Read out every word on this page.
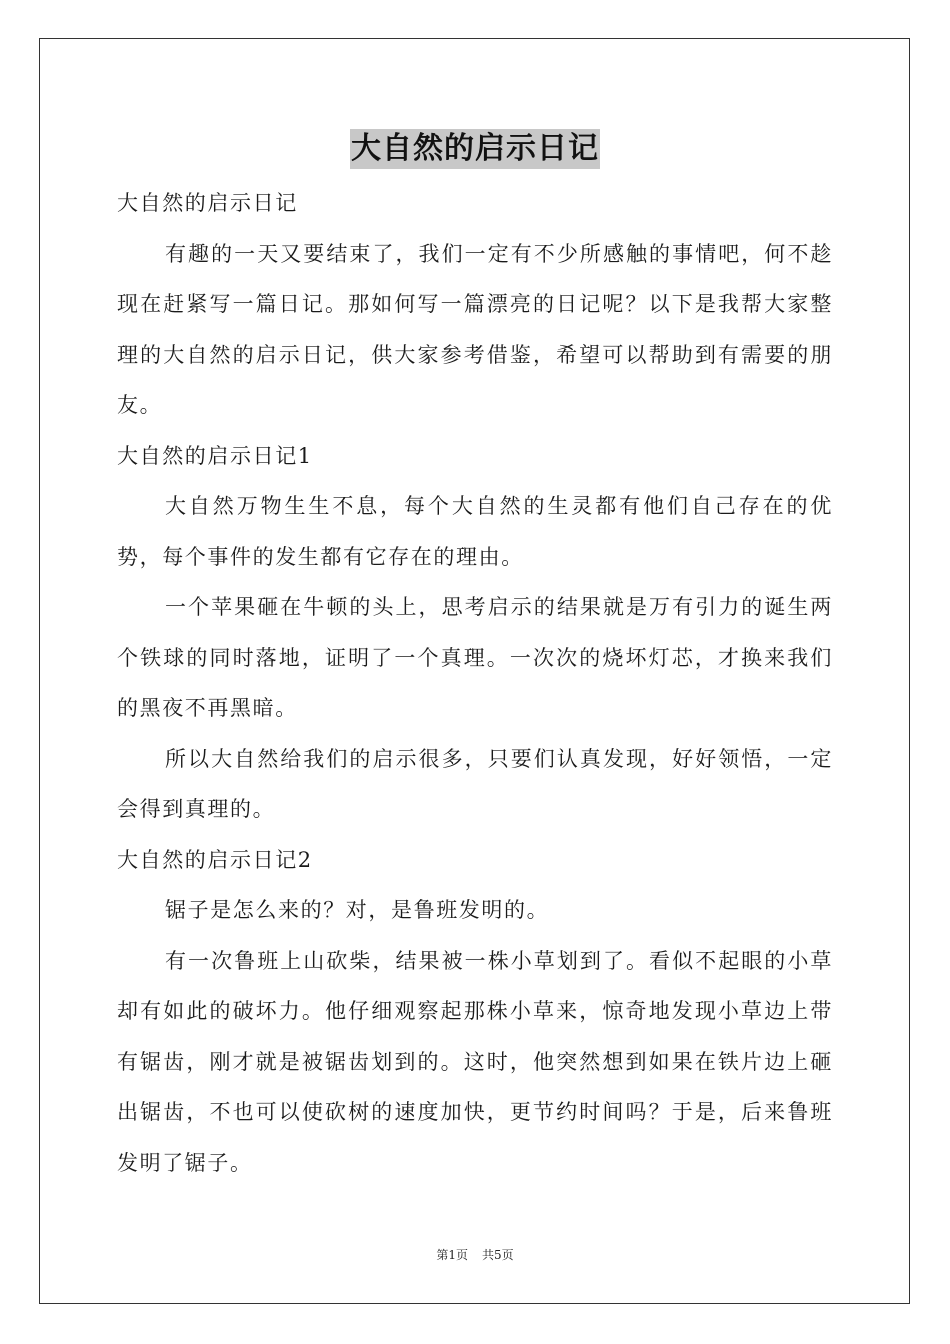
大自然的启示日记

大自然的启示日记

有趣的一天又要结束了，我们一定有不少所感触的事情吧，何不趁现在赶紧写一篇日记。那如何写一篇漂亮的日记呢？以下是我帮大家整理的大自然的启示日记，供大家参考借鉴，希望可以帮助到有需要的朋友。

大自然的启示日记1

大自然万物生生不息，每个大自然的生灵都有他们自己存在的优势，每个事件的发生都有它存在的理由。

一个苹果砸在牛顿的头上，思考启示的结果就是万有引力的诞生两个铁球的同时落地，证明了一个真理。一次次的烧坏灯芯，才换来我们的黑夜不再黑暗。

所以大自然给我们的启示很多，只要们认真发现，好好领悟，一定会得到真理的。

大自然的启示日记2

锯子是怎么来的？对，是鲁班发明的。

有一次鲁班上山砍柴，结果被一株小草划到了。看似不起眼的小草却有如此的破坏力。他仔细观察起那株小草来，惊奇地发现小草边上带有锯齿，刚才就是被锯齿划到的。这时，他突然想到如果在铁片边上砸出锯齿，不也可以使砍树的速度加快，更节约时间吗？于是，后来鲁班发明了锯子。

第1页 共5页
